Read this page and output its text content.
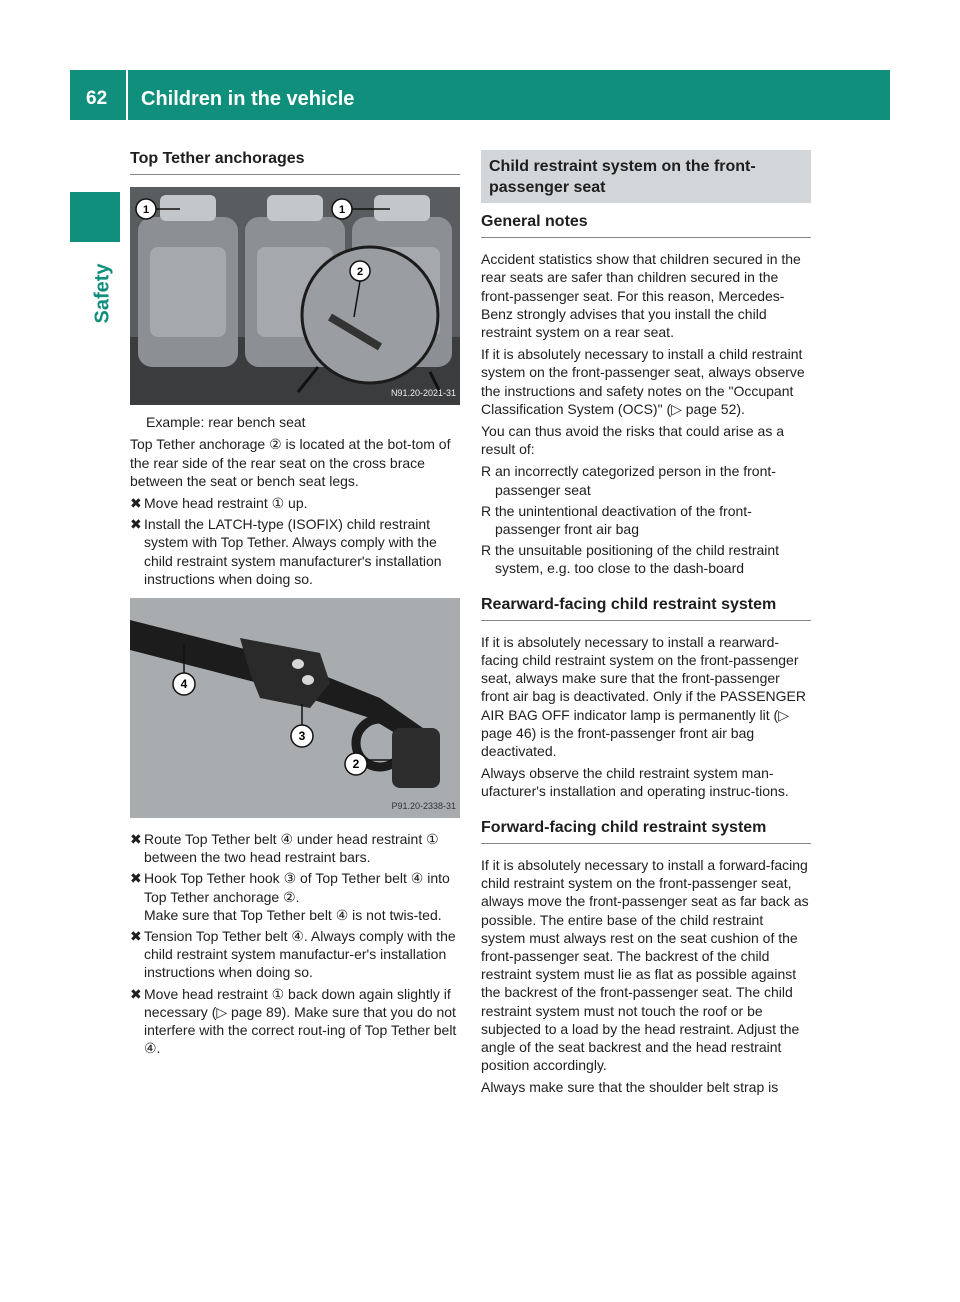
62 Children in the vehicle
Safety
Top Tether anchorages
1	1
2
N91.20-2021-31

Example: rear bench seat

Top Tether anchorage ② is located at the bot-tom of the rear side of the rear seat on the cross brace between the seat or bench seat legs.

✖ Move head restraint ① up.
✖ Install the LATCH-type (ISOFIX) child restraint system with Top Tether. Always comply with the child restraint system manufacturer's installation instructions when doing so.
4
3
2
P91.20-2338-31
✖ Route Top Tether belt ④ under head restraint ① between the two head restraint bars.
✖ Hook Top Tether hook ③ of Top Tether belt ④ into Top Tether anchorage ②.
Make sure that Top Tether belt ④ is not twis-ted.
✖ Tension Top Tether belt ④. Always comply with the child restraint system manufactur-er's installation instructions when doing so.
✖ Move head restraint ① back down again slightly if necessary (▷ page 89). Make sure that you do not interfere with the correct rout-ing of Top Tether belt ④.
Child restraint system on the front-passenger seat
General notes

Accident statistics show that children secured in the rear seats are safer than children secured in the front-passenger seat. For this reason, Mercedes-Benz strongly advises that you install the child restraint system on a rear seat.

If it is absolutely necessary to install a child restraint system on the front-passenger seat, always observe the instructions and safety notes on the "Occupant Classification System (OCS)" (▷ page 52).

You can thus avoid the risks that could arise as a result of:

R an incorrectly categorized person in the front-passenger seat
R the unintentional deactivation of the front-passenger front air bag
R the unsuitable positioning of the child restraint system, e.g. too close to the dash-board
Rearward-facing child restraint system

If it is absolutely necessary to install a rearward-facing child restraint system on the front-passenger seat, always make sure that the front-passenger front air bag is deactivated. Only if the PASSENGER AIR BAG OFF indicator lamp is permanently lit (▷ page 46) is the front-passenger front air bag deactivated.

Always observe the child restraint system man-ufacturer's installation and operating instruc-tions.

Forward-facing child restraint system

If it is absolutely necessary to install a forward-facing child restraint system on the front-passenger seat, always move the front-passenger seat as far back as possible. The entire base of the child restraint system must always rest on the seat cushion of the front-passenger seat. The backrest of the child restraint system must lie as flat as possible against the backrest of the front-passenger seat. The child restraint system must not touch the roof or be subjected to a load by the head restraint. Adjust the angle of the seat backrest and the head restraint position accordingly.

Always make sure that the shoulder belt strap is
